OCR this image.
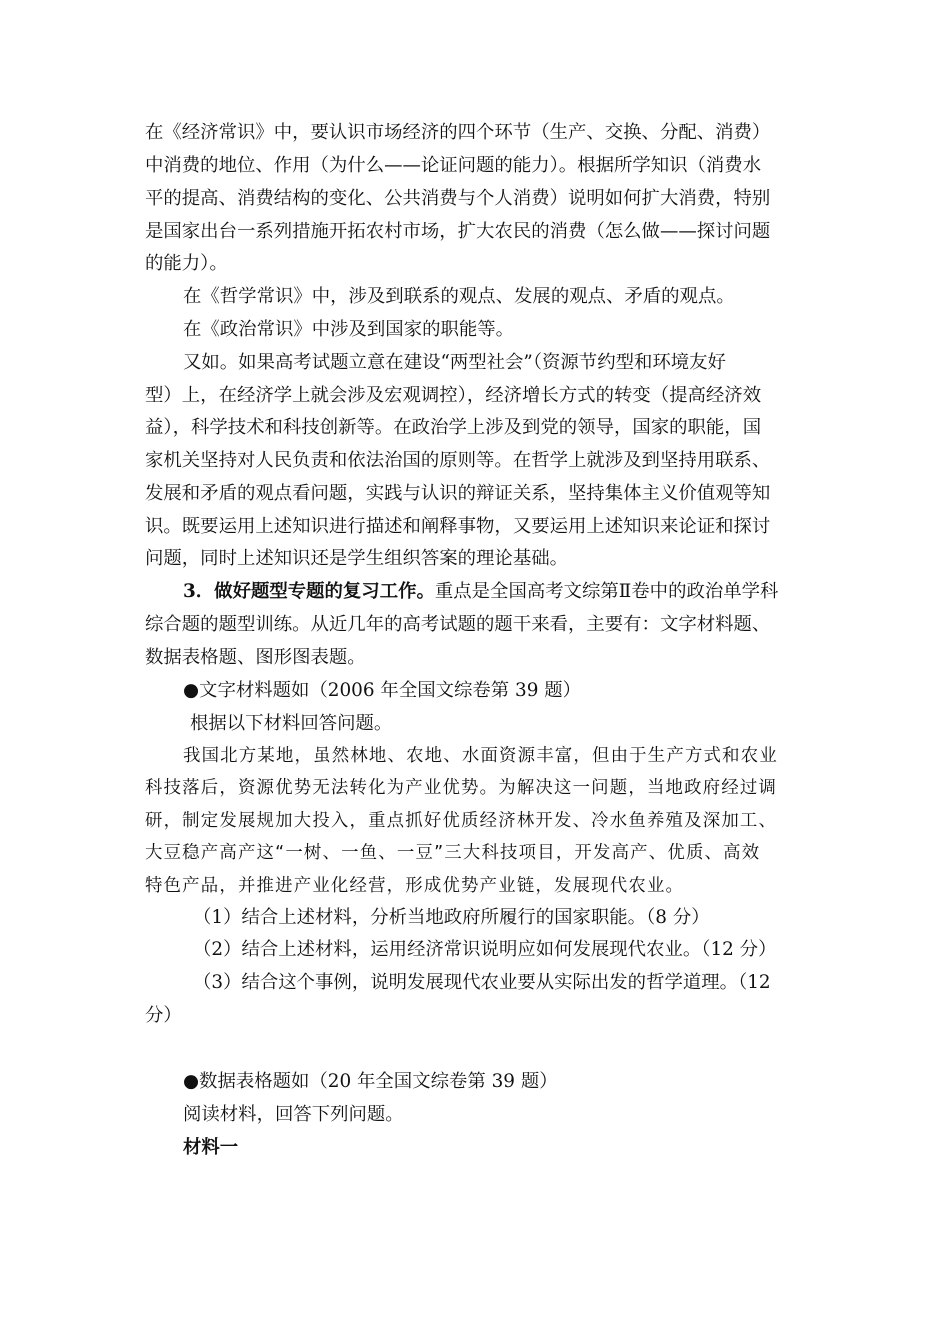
在《经济常识》中，要认识市场经济的四个环节（生产、交换、分配、消费）
中消费的地位、作用（为什么——论证问题的能力）。根据所学知识（消费水
平的提高、消费结构的变化、公共消费与个人消费）说明如何扩大消费，特别
是国家出台一系列措施开拓农村市场，扩大农民的消费（怎么做——探讨问题
的能力）。
在《哲学常识》中，涉及到联系的观点、发展的观点、矛盾的观点。
在《政治常识》中涉及到国家的职能等。
又如。如果高考试题立意在建设“两型社会”（资源节约型和环境友好
型）上，在经济学上就会涉及宏观调控），经济增长方式的转变（提高经济效
益），科学技术和科技创新等。在政治学上涉及到党的领导，国家的职能，国
家机关坚持对人民负责和依法治国的原则等。在哲学上就涉及到坚持用联系、
发展和矛盾的观点看问题，实践与认识的辩证关系，坚持集体主义价值观等知
识。既要运用上述知识进行描述和阐释事物，又要运用上述知识来论证和探讨
问题，同时上述知识还是学生组织答案的理论基础。
3．做好题型专题的复习工作。重点是全国高考文综第Ⅱ卷中的政治单学科
综合题的题型训练。从近几年的高考试题的题干来看，主要有：文字材料题、
数据表格题、图形图表题。
●文字材料题如（2006 年全国文综卷第 39 题）
根据以下材料回答问题。
我国北方某地，虽然林地、农地、水面资源丰富，但由于生产方式和农业
科技落后，资源优势无法转化为产业优势。为解决这一问题，当地政府经过调
研，制定发展规加大投入，重点抓好优质经济林开发、冷水鱼养殖及深加工、
大豆稳产高产这“一树、一鱼、一豆”三大科技项目，开发高产、优质、高效
特色产品，并推进产业化经营，形成优势产业链，发展现代农业。
（1）结合上述材料，分析当地政府所履行的国家职能。（8 分）
（2）结合上述材料，运用经济常识说明应如何发展现代农业。（12 分）
（3）结合这个事例，说明发展现代农业要从实际出发的哲学道理。（12
分）
●数据表格题如（20 年全国文综卷第 39 题）
阅读材料，回答下列问题。
材料一
